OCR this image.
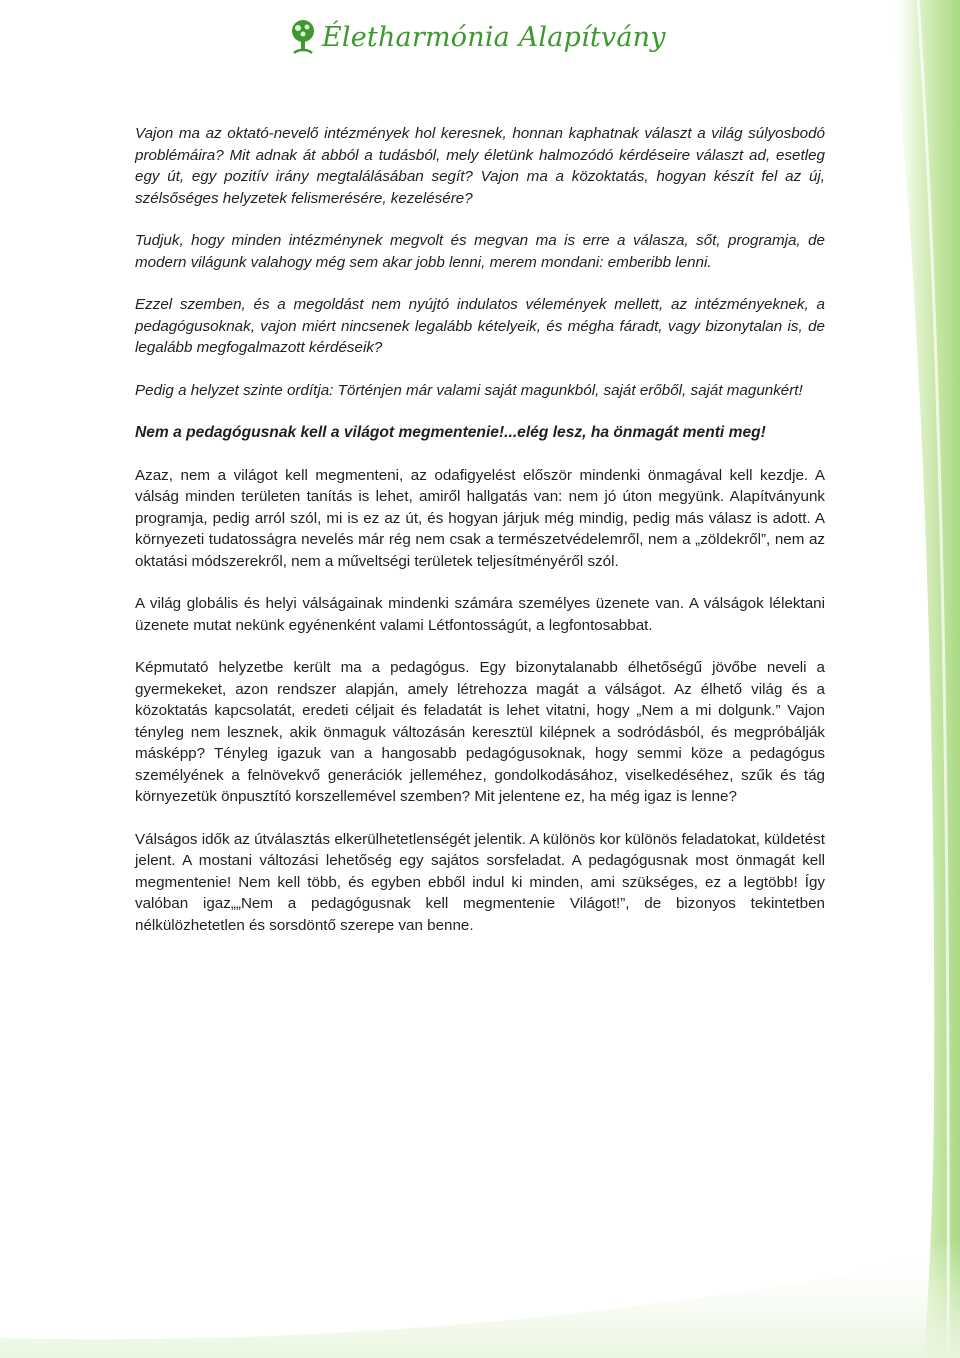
Életharmónia Alapítvány

Vajon ma az oktató-nevelő intézmények hol keresnek, honnan kaphatnak választ a világ súlyosbodó problémáira? Mit adnak át abból a tudásból, mely életünk halmozódó kérdéseire választ ad, esetleg egy út, egy pozitív irány megtalálásában segít? Vajon ma a közoktatás, hogyan készít fel az új, szélsőséges helyzetek felismerésére, kezelésére?

Tudjuk, hogy minden intézménynek megvolt és megvan ma is erre a válasza, sőt, programja, de modern világunk valahogy még sem akar jobb lenni, merem mondani: emberibb lenni.

Ezzel szemben, és a megoldást nem nyújtó indulatos vélemények mellett, az intézményeknek, a pedagógusoknak, vajon miért nincsenek legalább kételyeik, és mégha fáradt, vagy bizonytalan is, de legalább megfogalmazott kérdéseik?

Pedig a helyzet szinte ordítja: Történjen már valami saját magunkból, saját erőből, saját magunkért!

Nem a pedagógusnak kell a világot megmentenie!...elég lesz, ha önmagát menti meg!

Azaz, nem a világot kell megmenteni, az odafigyelést először mindenki önmagával kell kezdje. A válság minden területen tanítás is lehet, amiről hallgatás van: nem jó úton megyünk. Alapítványunk programja, pedig arról szól, mi is ez az út, és hogyan járjuk még mindig, pedig más válasz is adott. A környezeti tudatosságra nevelés már rég nem csak a természetvédelemről, nem a „zöldekről”, nem az oktatási módszerekről, nem a műveltségi területek teljesítményéről szól.

A világ globális és helyi válságainak mindenki számára személyes üzenete van. A válságok lélektani üzenete mutat nekünk egyénenként valami Létfontosságút, a legfontosabbat.

Képmutató helyzetbe került ma a pedagógus. Egy bizonytalanabb élhetőségű jövőbe neveli a gyermekeket, azon rendszer alapján, amely létrehozza magát a válságot. Az élhető világ és a közoktatás kapcsolatát, eredeti céljait és feladatát is lehet vitatni, hogy „Nem a mi dolgunk.” Vajon tényleg nem lesznek, akik önmaguk változásán keresztül kilépnek a sodródásból, és megpróbálják másképp? Tényleg igazuk van a hangosabb pedagógusoknak, hogy semmi köze a pedagógus személyének a felnövekvő generációk jelleméhez, gondolkodásához, viselkedéséhez, szűk és tág környezetük önpusztító korszellemével szemben? Mit jelentene ez, ha még igaz is lenne?

Válságos idők az útválasztás elkerülhetetlenségét jelentik. A különös kor különös feladatokat, küldetést jelent. A mostani változási lehetőség egy sajátos sorsfeladat. A pedagógusnak most önmagát kell megmentenie! Nem kell több, és egyben ebből indul ki minden, ami szükséges, ez a legtöbb! Így valóban igaz„„Nem a pedagógusnak kell megmentenie Világot!”, de bizonyos tekintetben nélkülözhetetlen és sorsdöntő szerepe van benne.
